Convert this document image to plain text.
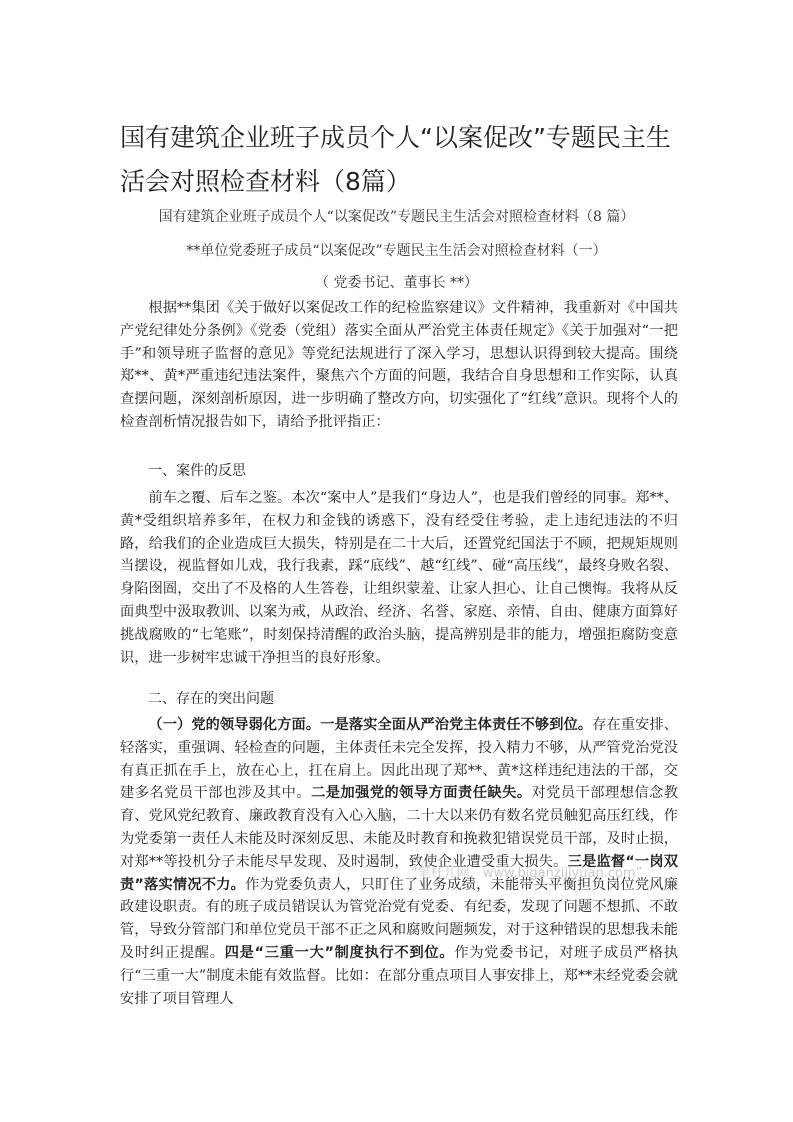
国有建筑企业班子成员个人“以案促改”专题民主生活会对照检查材料（8篇）
国有建筑企业班子成员个人“以案促改”专题民主生活会对照检查材料（8 篇）
**单位党委班子成员“以案促改”专题民主生活会对照检查材料（一）
（ 党委书记、董事长 **）

根据**集团《关于做好以案促改工作的纪检监察建议》文件精神，我重新对《中国共产党纪律处分条例》《党委（党组）落实全面从严治党主体责任规定》《关于加强对“一把手”和领导班子监督的意见》等党纪法规进行了深入学习，思想认识得到较大提高。围绕郑**、黄*严重违纪违法案件，聚焦六个方面的问题，我结合自身思想和工作实际，认真查摆问题，深刻剖析原因，进一步明确了整改方向，切实强化了“红线”意识。现将个人的检查剖析情况报告如下，请给予批评指正：

一、案件的反思

前车之覆、后车之鉴。本次“案中人”是我们“身边人”，也是我们曾经的同事。郑**、黄*受组织培养多年，在权力和金钱的诱惑下，没有经受住考验，走上违纪违法的不归路，给我们的企业造成巨大损失，特别是在二十大后，还置党纪国法于不顾，把规矩规则当摆设，视监督如儿戏，我行我素，踩“底线”、越“红线”、碰“高压线”，最终身败名裂、身陷囹圄，交出了不及格的人生答卷，让组织蒙羞、让家人担心、让自己懊悔。我将从反面典型中汲取教训、以案为戒，从政治、经济、名誉、家庭、亲情、自由、健康方面算好挑战腐败的“七笔账”，时刻保持清醒的政治头脑，提高辨别是非的能力，增强拒腐防变意识，进一步树牢忠诚干净担当的良好形象。

二、存在的突出问题

（一）党的领导弱化方面。一是落实全面从严治党主体责任不够到位。存在重安排、轻落实，重强调、轻检查的问题，主体责任未完全发挥，投入精力不够，从严管党治党没有真正抓在手上，放在心上，扛在肩上。因此出现了郑**、黄*这样违纪违法的干部，交建多名党员干部也涉及其中。二是加强党的领导方面责任缺失。对党员干部理想信念教育、党风党纪教育、廉政教育没有入心入脑，二十大以来仍有数名党员触犯高压红线，作为党委第一责任人未能及时深刻反思、未能及时教育和挽救犯错误党员干部，及时止损，对郑**等投机分子未能尽早发现、及时遏制，致使企业遭受重大损失。三是监督“一岗双责”落实情况不力。作为党委负责人，只盯住了业务成绩，未能带头平衡担负岗位党风廉政建设职责。有的班子成员错误认为管党治党有党委、有纪委，发现了问题不想抓、不敢管，导致分管部门和单位党员干部不正之风和腐败问题频发，对于这种错误的思想我未能及时纠正提醒。四是“三重一大”制度执行不到位。作为党委书记，对班子成员严格执行“三重一大”制度未能有效监督。比如：在部分重点项目人事安排上，郑**未经党委会就安排了项目管理人

“笔杆儿网，www.biganzijiyuan.com”
